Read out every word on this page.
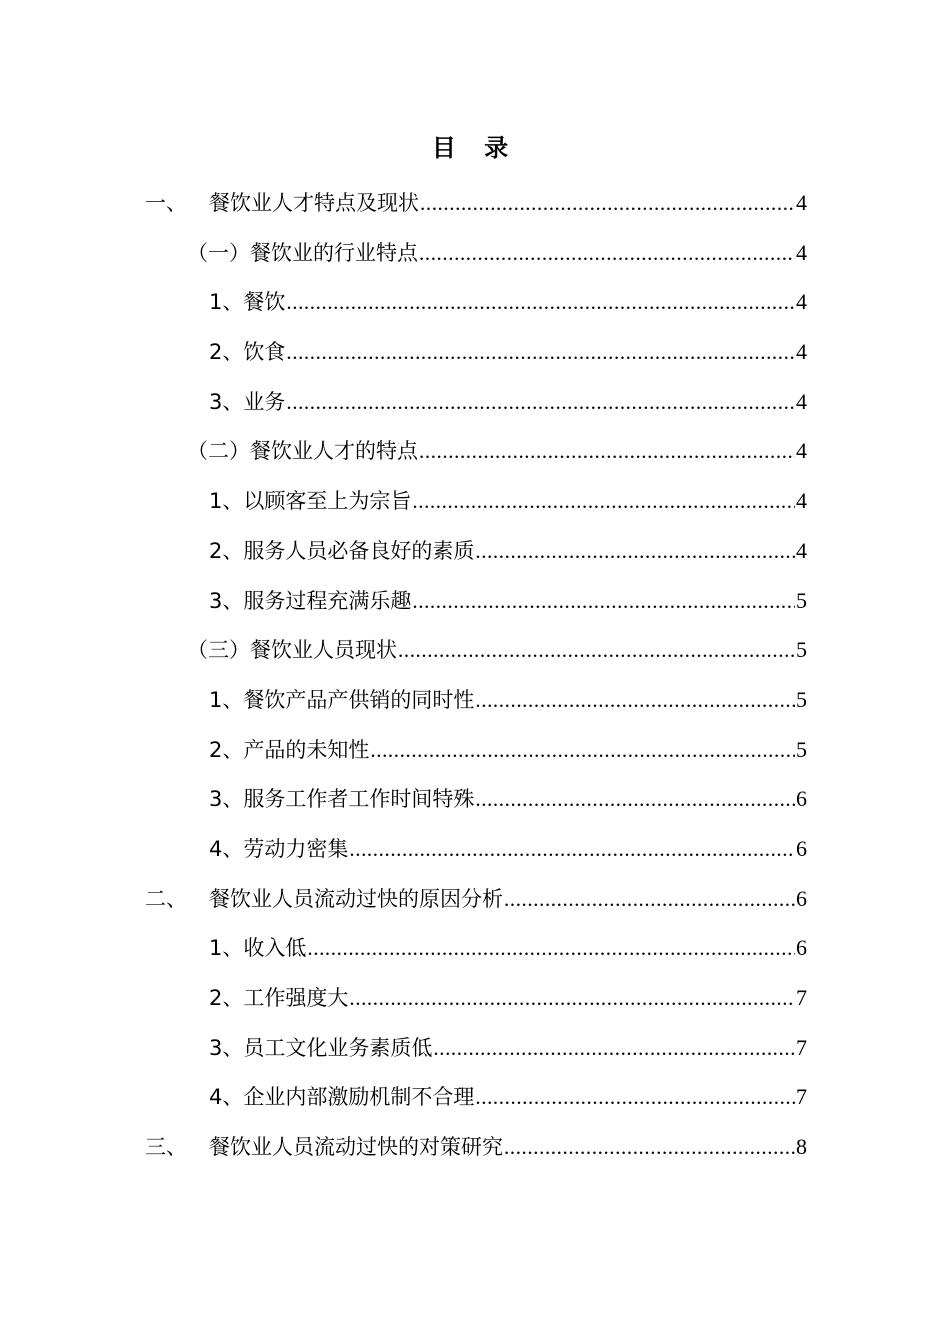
目 录
一、	餐饮业人才特点及现状 .....	4
（一）餐饮业的行业特点 .....	4
1、餐饮 .....	4
2、饮食 .....	4
3、业务 .....	4
（二）餐饮业人才的特点 .....	4
1、以顾客至上为宗旨 .....	4
2、服务人员必备良好的素质 .....	4
3、服务过程充满乐趣 .....	5
（三）餐饮业人员现状 .....	5
1、餐饮产品产供销的同时性 .....	5
2、产品的未知性 .....	5
3、服务工作者工作时间特殊 .....	6
4、劳动力密集 .....	6
二、	餐饮业人员流动过快的原因分析 .....	6
1、收入低 .....	6
2、工作强度大 .....	7
3、员工文化业务素质低 .....	7
4、企业内部激励机制不合理 .....	7
三、	餐饮业人员流动过快的对策研究 .....	8
